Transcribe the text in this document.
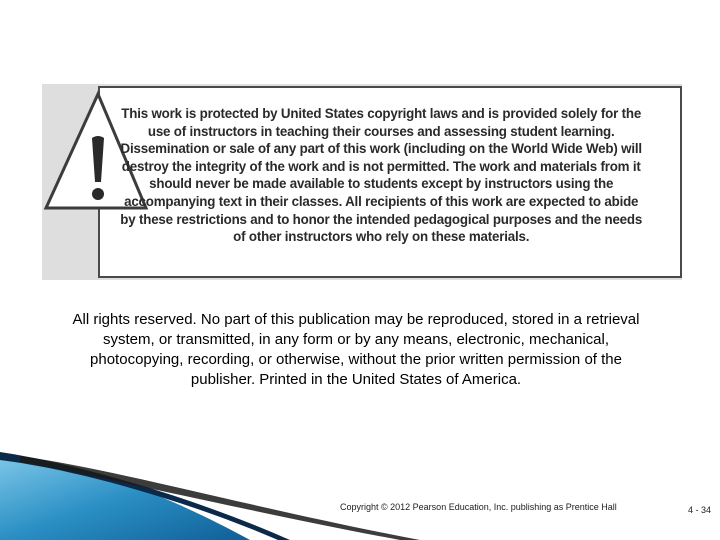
This work is protected by United States copyright laws and is provided solely for the use of instructors in teaching their courses and assessing student learning. Dissemination or sale of any part of this work (including on the World Wide Web) will destroy the integrity of the work and is not permitted. The work and materials from it should never be made available to students except by instructors using the accompanying text in their classes. All recipients of this work are expected to abide by these restrictions and to honor the intended pedagogical purposes and the needs of other instructors who rely on these materials.
All rights reserved. No part of this publication may be reproduced, stored in a retrieval system, or transmitted, in any form or by any means, electronic, mechanical, photocopying, recording, or otherwise, without the prior written permission of the publisher. Printed in the United States of America.
Copyright © 2012 Pearson Education, Inc. publishing as Prentice Hall	4 - 34
